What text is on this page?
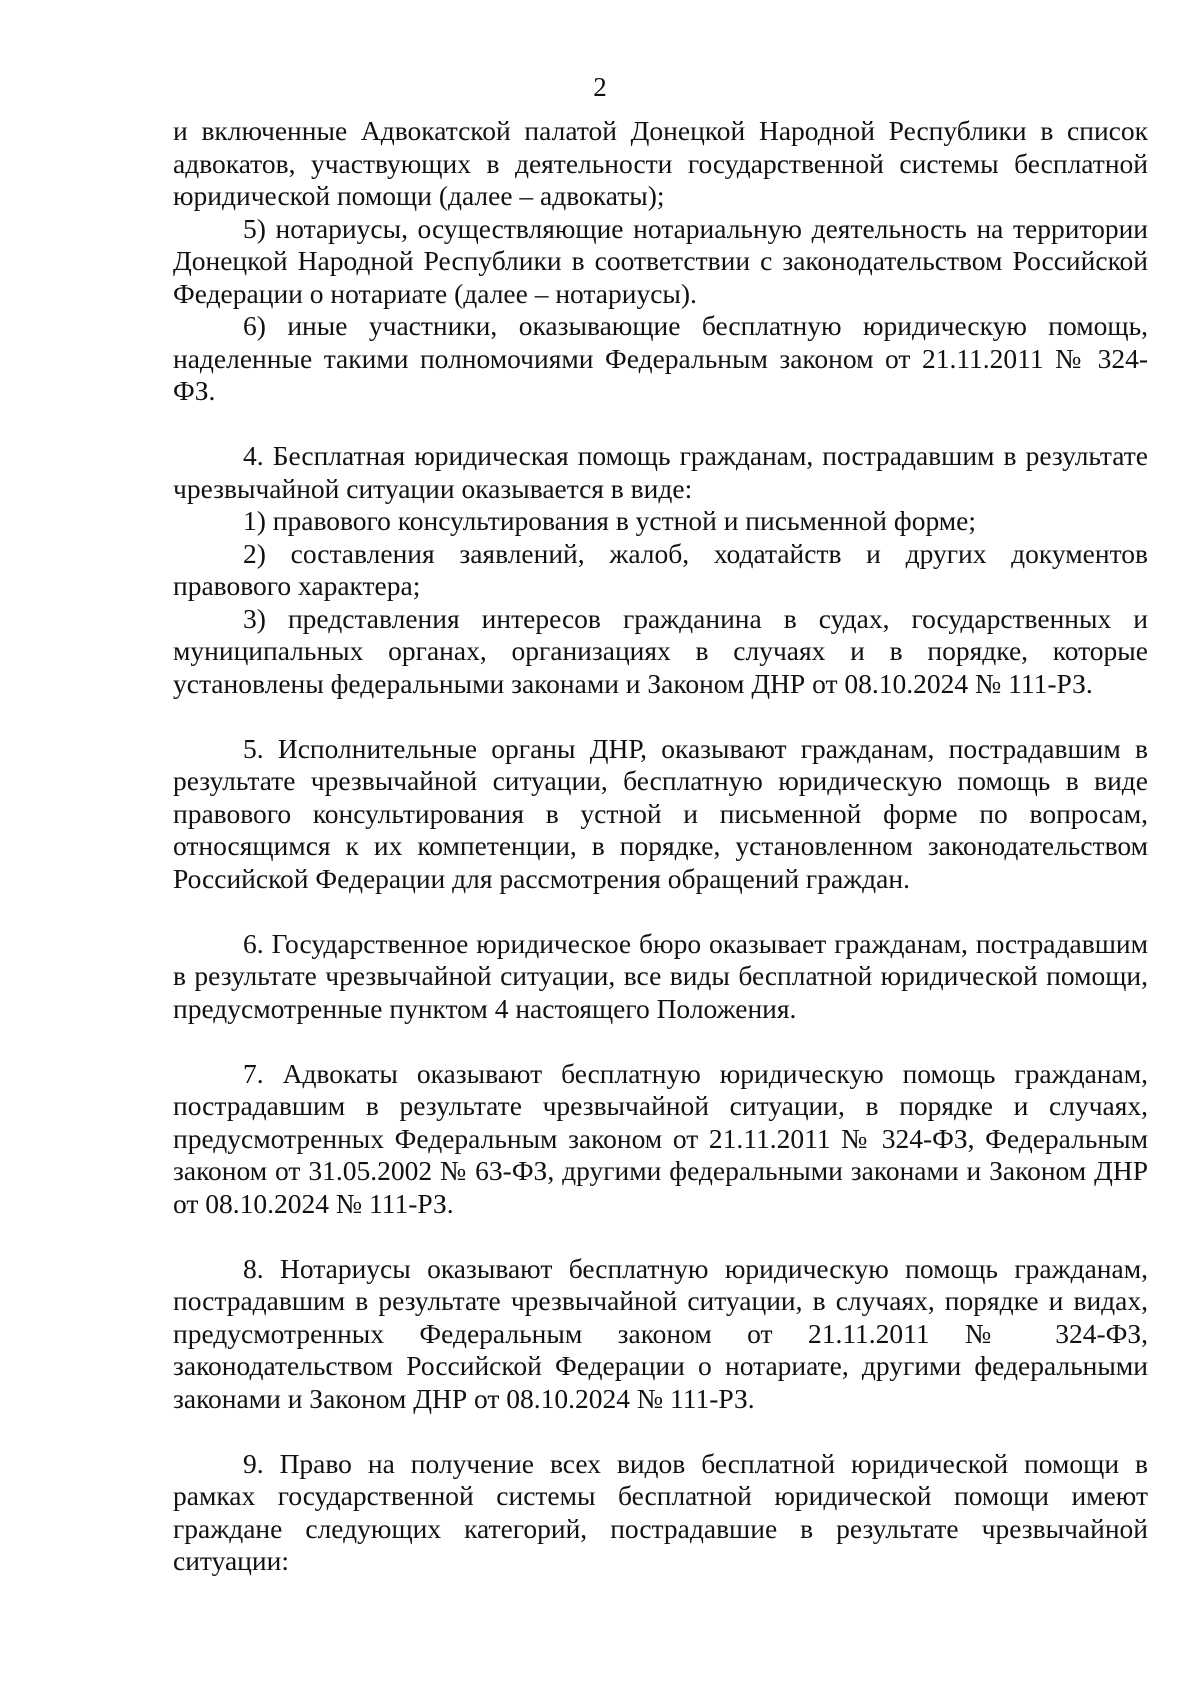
2

и включенные Адвокатской палатой Донецкой Народной Республики в список адвокатов, участвующих в деятельности государственной системы бесплатной юридической помощи (далее – адвокаты);

5) нотариусы, осуществляющие нотариальную деятельность на территории Донецкой Народной Республики в соответствии с законодательством Российской Федерации о нотариате (далее – нотариусы).

6) иные участники, оказывающие бесплатную юридическую помощь, наделенные такими полномочиями Федеральным законом от 21.11.2011 № 324-ФЗ.

4. Бесплатная юридическая помощь гражданам, пострадавшим в результате чрезвычайной ситуации оказывается в виде:

1) правового консультирования в устной и письменной форме;

2) составления заявлений, жалоб, ходатайств и других документов правового характера;

3) представления интересов гражданина в судах, государственных и муниципальных органах, организациях в случаях и в порядке, которые установлены федеральными законами и Законом ДНР от 08.10.2024 № 111-РЗ.

5. Исполнительные органы ДНР, оказывают гражданам, пострадавшим в результате чрезвычайной ситуации, бесплатную юридическую помощь в виде правового консультирования в устной и письменной форме по вопросам, относящимся к их компетенции, в порядке, установленном законодательством Российской Федерации для рассмотрения обращений граждан.

6. Государственное юридическое бюро оказывает гражданам, пострадавшим в результате чрезвычайной ситуации, все виды бесплатной юридической помощи, предусмотренные пунктом 4 настоящего Положения.

7. Адвокаты оказывают бесплатную юридическую помощь гражданам, пострадавшим в результате чрезвычайной ситуации, в порядке и случаях, предусмотренных Федеральным законом от 21.11.2011 № 324-ФЗ, Федеральным законом от 31.05.2002 № 63-ФЗ, другими федеральными законами и Законом ДНР от 08.10.2024 № 111-РЗ.

8. Нотариусы оказывают бесплатную юридическую помощь гражданам, пострадавшим в результате чрезвычайной ситуации, в случаях, порядке и видах, предусмотренных Федеральным законом от 21.11.2011 № 324-ФЗ, законодательством Российской Федерации о нотариате, другими федеральными законами и Законом ДНР от 08.10.2024 № 111-РЗ.

9. Право на получение всех видов бесплатной юридической помощи в рамках государственной системы бесплатной юридической помощи имеют граждане следующих категорий, пострадавшие в результате чрезвычайной ситуации:
